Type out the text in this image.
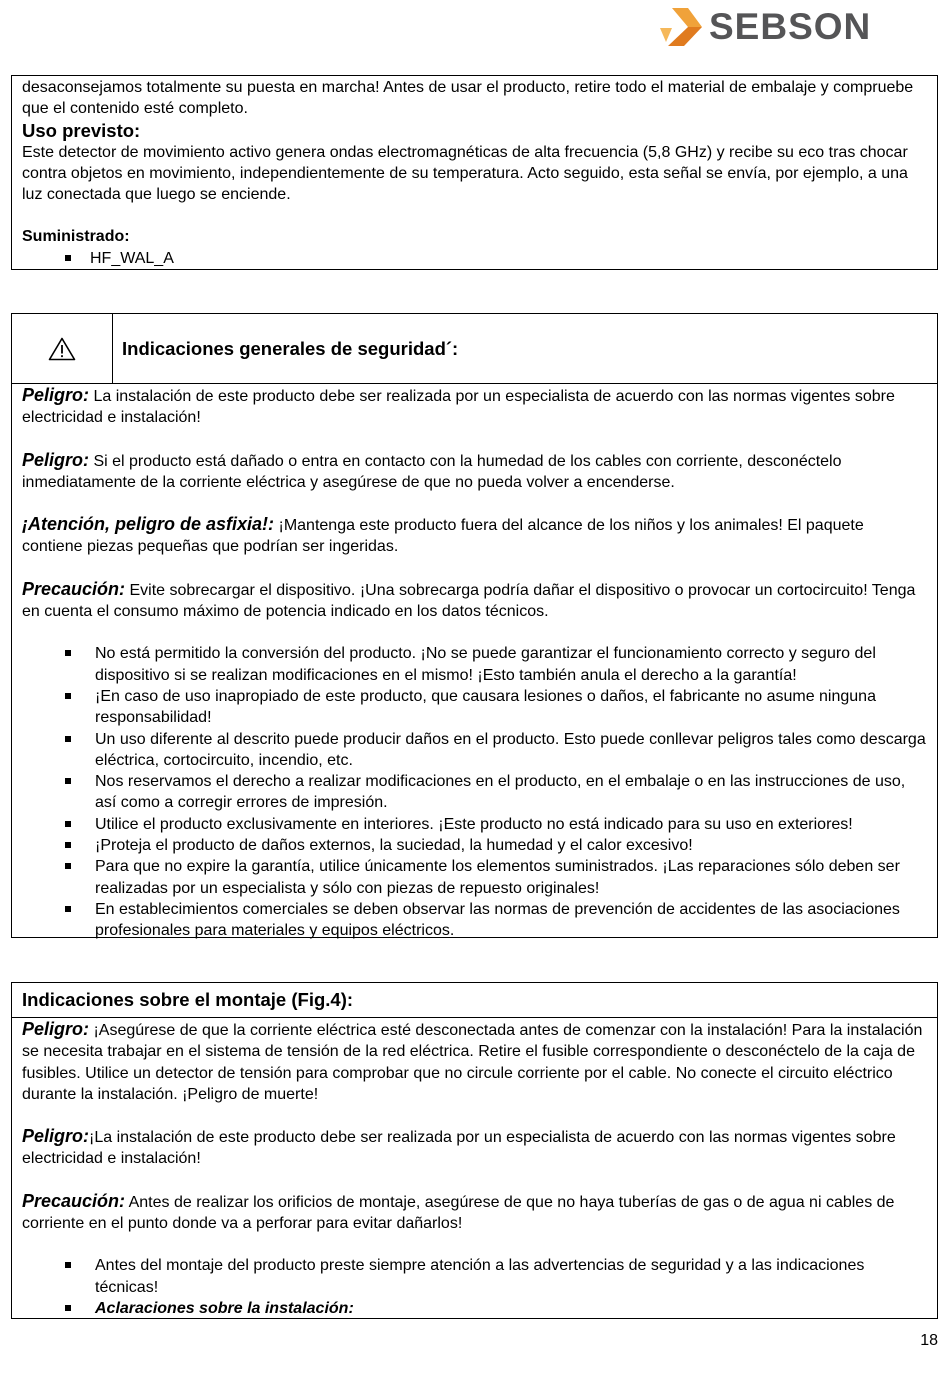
SEBSON

desaconsejamos totalmente su puesta en marcha! Antes de usar el producto, retire todo el material de embalaje y compruebe que el contenido esté completo.

Uso previsto:

Este detector de movimiento activo genera ondas electromagnéticas de alta frecuencia (5,8 GHz) y recibe su eco tras chocar contra objetos en movimiento, independientemente de su temperatura. Acto seguido, esta señal se envía, por ejemplo, a una luz conectada que luego se enciende.

Suministrado:

HF_WAL_A
Indicaciones generales de seguridad´:

Peligro: La instalación de este producto debe ser realizada por un especialista de acuerdo con las normas vigentes sobre electricidad e instalación!

Peligro: Si el producto está dañado o entra en contacto con la humedad de los cables con corriente, desconéctelo inmediatamente de la corriente eléctrica y asegúrese de que no pueda volver a encenderse.

¡Atención, peligro de asfixia!: ¡Mantenga este producto fuera del alcance de los niños y los animales! El paquete contiene piezas pequeñas que podrían ser ingeridas.

Precaución: Evite sobrecargar el dispositivo. ¡Una sobrecarga podría dañar el dispositivo o provocar un cortocircuito! Tenga en cuenta el consumo máximo de potencia indicado en los datos técnicos.

No está permitido la conversión del producto. ¡No se puede garantizar el funcionamiento correcto y seguro del dispositivo si se realizan modificaciones en el mismo! ¡Esto también anula el derecho a la garantía!
¡En caso de uso inapropiado de este producto, que causara lesiones o daños, el fabricante no asume ninguna responsabilidad!
Un uso diferente al descrito puede producir daños en el producto. Esto puede conllevar peligros tales como descarga eléctrica, cortocircuito, incendio, etc.
Nos reservamos el derecho a realizar modificaciones en el producto, en el embalaje o en las instrucciones de uso, así como a corregir errores de impresión.
Utilice el producto exclusivamente en interiores. ¡Este producto no está indicado para su uso en exteriores!
¡Proteja el producto de daños externos, la suciedad, la humedad y el calor excesivo!
Para que no expire la garantía, utilice únicamente los elementos suministrados. ¡Las reparaciones sólo deben ser realizadas por un especialista y sólo con piezas de repuesto originales!
En establecimientos comerciales se deben observar las normas de prevención de accidentes de las asociaciones profesionales para materiales y equipos eléctricos.
Indicaciones sobre el montaje (Fig.4):

Peligro: ¡Asegúrese de que la corriente eléctrica esté desconectada antes de comenzar con la instalación! Para la instalación se necesita trabajar en el sistema de tensión de la red eléctrica. Retire el fusible correspondiente o desconéctelo de la caja de fusibles. Utilice un detector de tensión para comprobar que no circule corriente por el cable. No conecte el circuito eléctrico durante la instalación. ¡Peligro de muerte!

Peligro:¡La instalación de este producto debe ser realizada por un especialista de acuerdo con las normas vigentes sobre electricidad e instalación!

Precaución: Antes de realizar los orificios de montaje, asegúrese de que no haya tuberías de gas o de agua ni cables de corriente en el punto donde va a perforar para evitar dañarlos!

Antes del montaje del producto preste siempre atención a las advertencias de seguridad y a las indicaciones técnicas!
Aclaraciones sobre la instalación:
18
